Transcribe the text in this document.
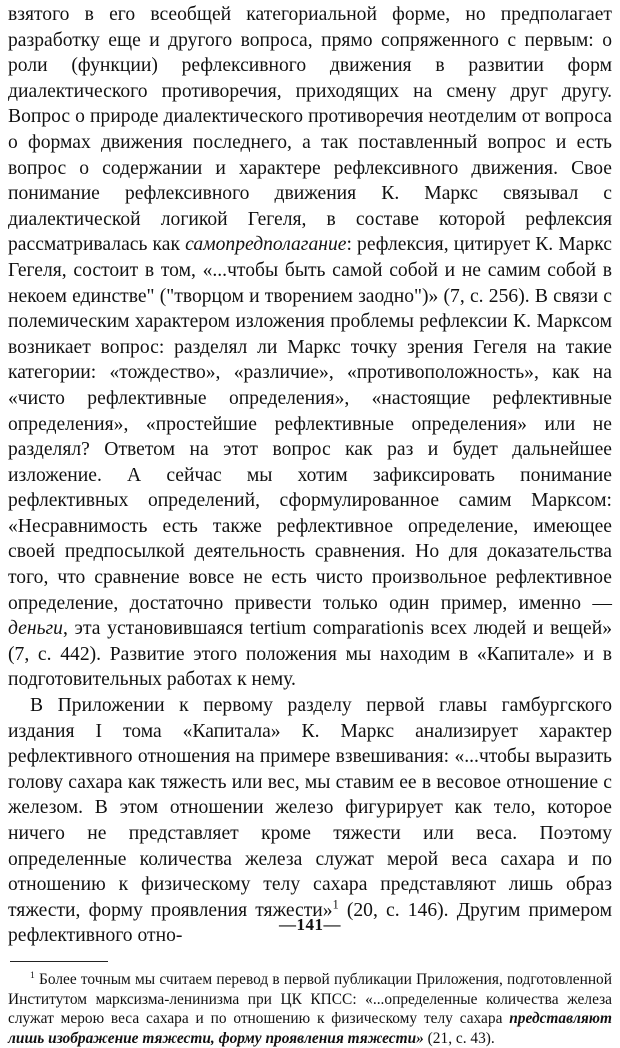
взятого в его всеобщей категориальной форме, но предполагает разработку еще и другого вопроса, прямо сопряженного с первым: о роли (функции) рефлексивного движения в развитии форм диалектического противоречия, приходящих на смену друг другу. Вопрос о природе диалектического противоречия неотделим от вопроса о формах движения последнего, а так поставленный вопрос и есть вопрос о содержании и характере рефлексивного движения. Свое понимание рефлексивного движения К. Маркс связывал с диалектической логикой Гегеля, в составе которой рефлексия рассматривалась как самопредполагание: рефлексия, цитирует К. Маркс Гегеля, состоит в том, «...чтобы быть самой собой и не самим собой в некоем единстве" ("творцом и творением заодно")» (7, с. 256). В связи с полемическим характером изложения проблемы рефлексии К. Марксом возникает вопрос: разделял ли Маркс точку зрения Гегеля на такие категории: «тождество», «различие», «противоположность», как на «чисто рефлективные определения», «настоящие рефлективные определения», «простейшие рефлективные определения» или не разделял? Ответом на этот вопрос как раз и будет дальнейшее изложение. А сейчас мы хотим зафиксировать понимание рефлективных определений, сформулированное самим Марксом: «Несравнимость есть также рефлективное определение, имеющее своей предпосылкой деятельность сравнения. Но для доказательства того, что сравнение вовсе не есть чисто произвольное рефлективное определение, достаточно привести только один пример, именно — деньги, эта установившаяся tertium comparationis всех людей и вещей» (7, с. 442). Развитие этого положения мы находим в «Капитале» и в подготовительных работах к нему.

В Приложении к первому разделу первой главы гамбургского издания I тома «Капитала» К. Маркс анализирует характер рефлективного отношения на примере взвешивания: «...чтобы выразить голову сахара как тяжесть или вес, мы ставим ее в весовое отношение с железом. В этом отношении железо фигурирует как тело, которое ничего не представляет кроме тяжести или веса. Поэтому определенные количества железа служат мерой веса сахара и по отношению к физическому телу сахара представляют лишь образ тяжести, форму проявления тяжести»$^1$ (20, с. 146). Другим примером рефлективного отно-

$^1$ Более точным мы считаем перевод в первой публикации Приложения, подготовленной Институтом марксизма-ленинизма при ЦК КПСС: «...определенные количества железа служат мерою веса сахара и по отношению к физическому телу сахара представляют лишь изображение тяжести, форму проявления тяжести» (21, с. 43).

—141—
